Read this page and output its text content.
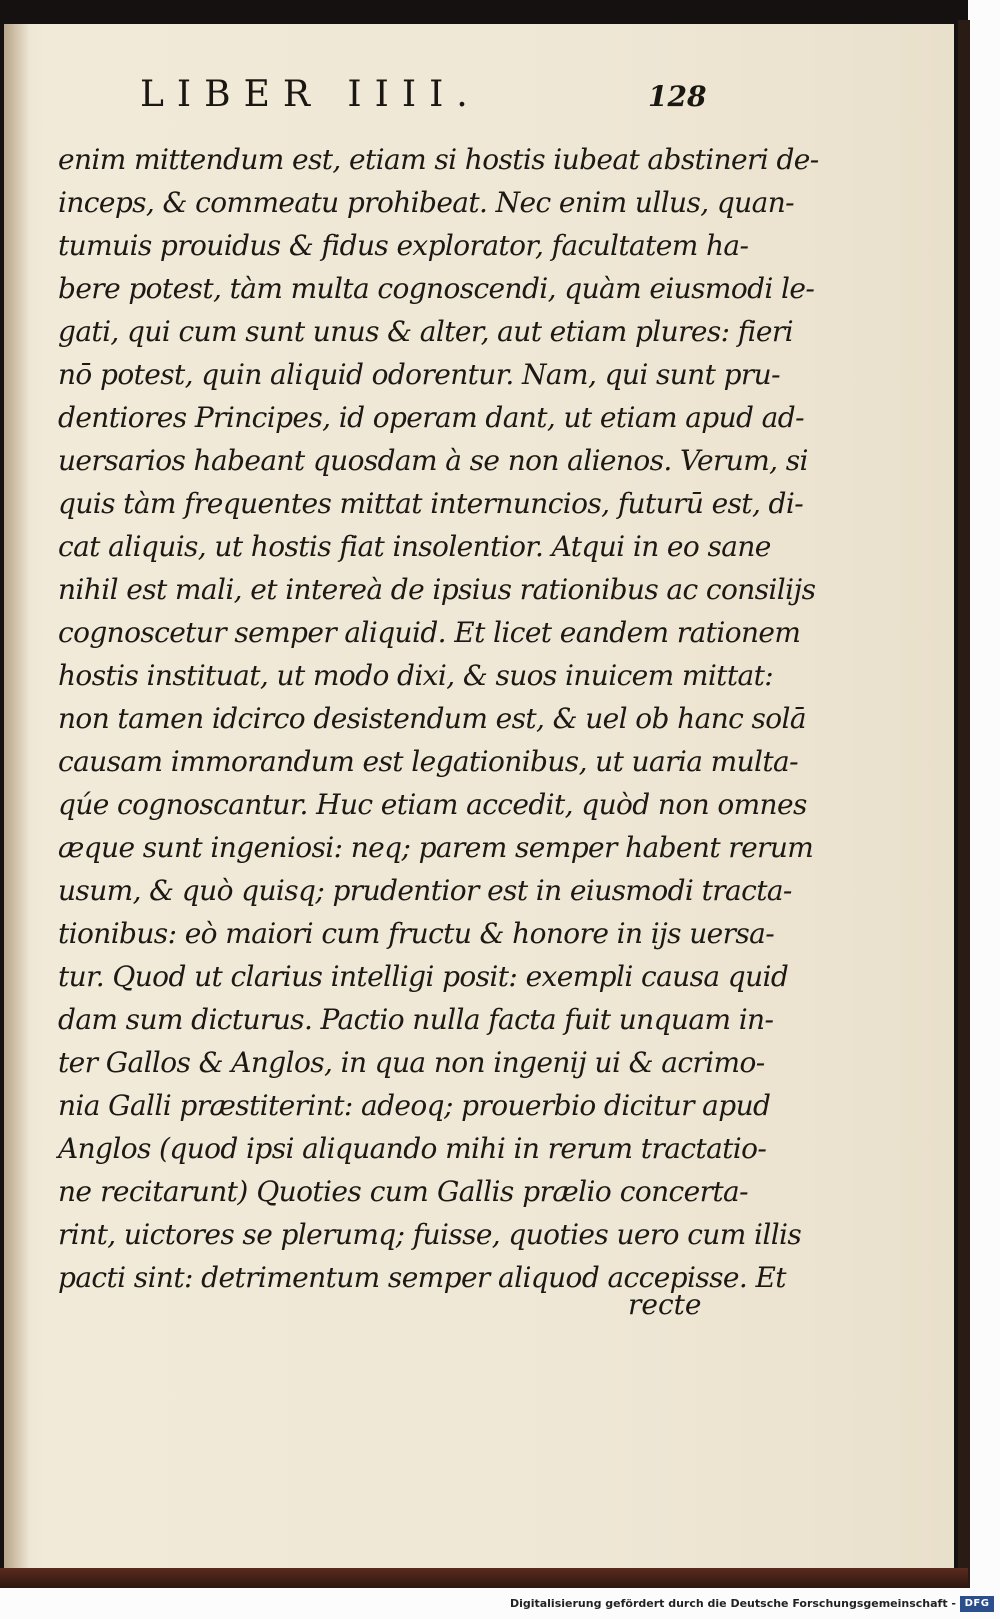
LIBER IIII.	128
enim mittendum est, etiam si hostis iubeat abstineri de-
inceps, & commeatu prohibeat. Nec enim ullus, quan-
tumuis prouidus & fidus explorator, facultatem ha-
bere potest, tàm multa cognoscendi, quàm eiusmodi le-
gati, qui cum sunt unus & alter, aut etiam plures: fieri
nō potest, quin aliquid odorentur. Nam, qui sunt pru-
dentiores Principes, id operam dant, ut etiam apud ad-
uersarios habeant quosdam à se non alienos. Verum, si
quis tàm frequentes mittat internuncios, futurū est, di-
cat aliquis, ut hostis fiat insolentior. Atqui in eo sane
nihil est mali, et intereà de ipsius rationibus ac consilijs
cognoscetur semper aliquid. Et licet eandem rationem
hostis instituat, ut modo dixi, & suos inuicem mittat:
non tamen idcirco desistendum est, & uel ob hanc solā
causam immorandum est legationibus, ut uaria multa-
qúe cognoscantur. Huc etiam accedit, quòd non omnes
æque sunt ingeniosi: neq; parem semper habent rerum
usum, & quò quisq; prudentior est in eiusmodi tracta-
tionibus: eò maiori cum fructu & honore in ijs uersa-
tur. Quod ut clarius intelligi posit: exempli causa quid
dam sum dicturus. Pactio nulla facta fuit unquam in-
ter Gallos & Anglos, in qua non ingenij ui & acrimo-
nia Galli præstiterint: adeoq; prouerbio dicitur apud
Anglos (quod ipsi aliquando mihi in rerum tractatio-
ne recitarunt) Quoties cum Gallis prælio concerta-
rint, uictores se plerumq; fuisse, quoties uero cum illis
pacti sint: detrimentum semper aliquod accepisse. Et
recte
Digitalisierung gefördert durch die Deutsche Forschungsgemeinschaft - DFG
